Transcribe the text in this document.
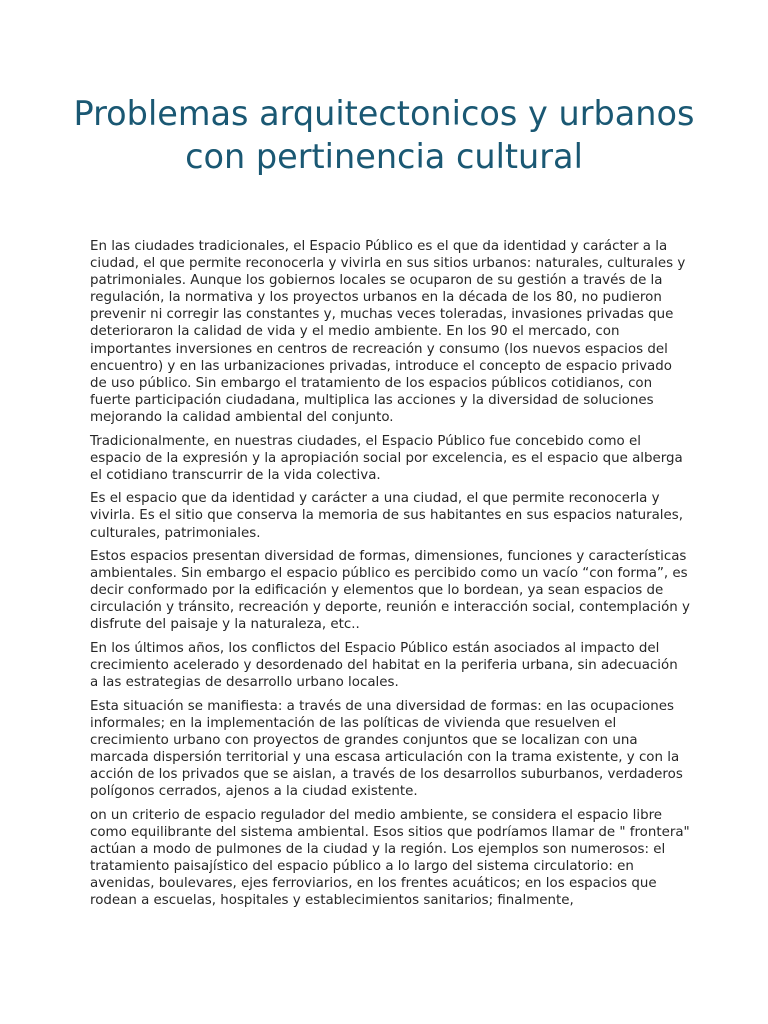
Problemas arquitectonicos y urbanos con pertinencia cultural

En las ciudades tradicionales, el Espacio Público es el que da identidad y carácter a la ciudad, el que permite reconocerla y vivirla en sus sitios urbanos: naturales, culturales y patrimoniales. Aunque los gobiernos locales se ocuparon de su gestión a través de la regulación, la normativa y los proyectos urbanos en la década de los 80, no pudieron prevenir ni corregir las constantes y, muchas veces toleradas, invasiones privadas que deterioraron la calidad de vida y el medio ambiente. En los 90 el mercado, con importantes inversiones en centros de recreación y consumo (los nuevos espacios del encuentro) y en las urbanizaciones privadas, introduce el concepto de espacio privado de uso público. Sin embargo el tratamiento de los espacios públicos cotidianos, con fuerte participación ciudadana, multiplica las acciones y la diversidad de soluciones mejorando la calidad ambiental del conjunto.

Tradicionalmente, en nuestras ciudades, el Espacio Público fue concebido como el espacio de la expresión y la apropiación social por excelencia, es el espacio que alberga el cotidiano transcurrir de la vida colectiva.

Es el espacio que da identidad y carácter a una ciudad, el que permite reconocerla y vivirla. Es el sitio que conserva la memoria de sus habitantes en sus espacios naturales, culturales, patrimoniales.

Estos espacios presentan diversidad de formas, dimensiones, funciones y características ambientales. Sin embargo el espacio público es percibido como un vacío “con forma”, es decir conformado por la edificación y elementos que lo bordean, ya sean espacios de circulación y tránsito, recreación y deporte, reunión e interacción social, contemplación y disfrute del paisaje y la naturaleza, etc..

En los últimos años, los conflictos del Espacio Público están asociados al impacto del crecimiento acelerado y desordenado del habitat en la periferia urbana, sin adecuación a las estrategias de desarrollo urbano locales.

Esta situación se manifiesta: a través de una diversidad de formas: en las ocupaciones informales; en la implementación de las políticas de vivienda que resuelven el crecimiento urbano con proyectos de grandes conjuntos que se localizan con una marcada dispersión territorial y una escasa articulación con la trama existente, y con la acción de los privados que se aislan, a través de los desarrollos suburbanos, verdaderos polígonos cerrados, ajenos a la ciudad existente.

on un criterio de espacio regulador del medio ambiente, se considera el espacio libre como equilibrante del sistema ambiental. Esos sitios que podríamos llamar de " frontera" actúan a modo de pulmones de la ciudad y la región. Los ejemplos son numerosos: el tratamiento paisajístico del espacio público a lo largo del sistema circulatorio: en avenidas, boulevares, ejes ferroviarios, en los frentes acuáticos; en los espacios que rodean a escuelas, hospitales y establecimientos sanitarios; finalmente,
